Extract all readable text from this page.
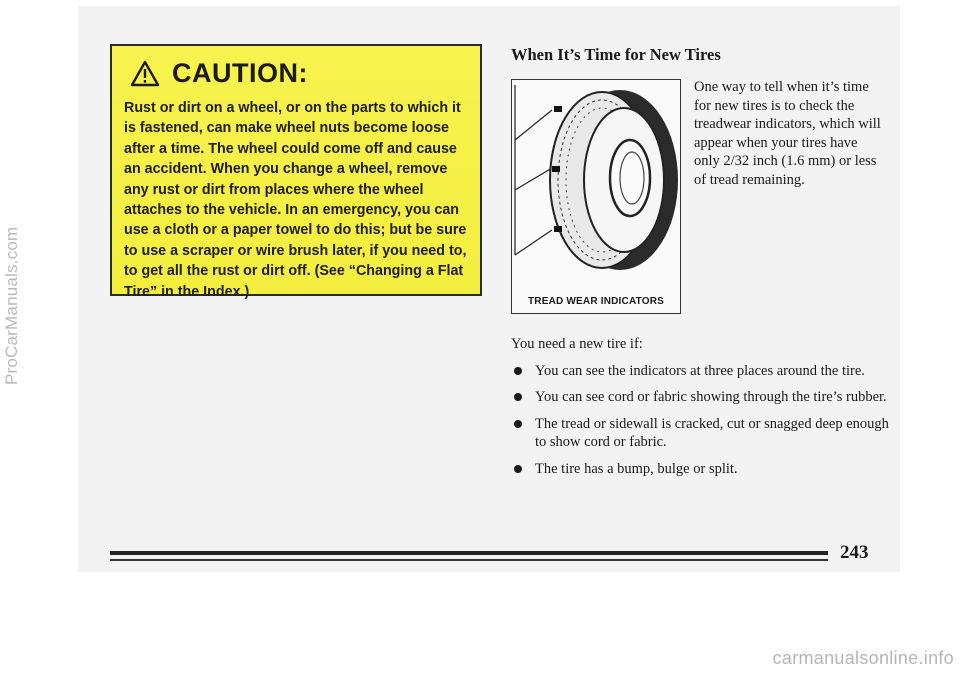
ProCarManuals.com
CAUTION:
Rust or dirt on a wheel, or on the parts to which it is fastened, can make wheel nuts become loose after a time. The wheel could come off and cause an accident. When you change a wheel, remove any rust or dirt from places where the wheel attaches to the vehicle. In an emergency, you can use a cloth or a paper towel to do this; but be sure to use a scraper or wire brush later, if you need to, to get all the rust or dirt off. (See “Changing a Flat Tire” in the Index.)
When It’s Time for New Tires
TREAD WEAR INDICATORS
One way to tell when it’s time for new tires is to check the treadwear indicators, which will appear when your tires have only 2/32 inch (1.6 mm) or less of tread remaining.
You need a new tire if:
You can see the indicators at three places around the tire.
You can see cord or fabric showing through the tire’s rubber.
The tread or sidewall is cracked, cut or snagged deep enough to show cord or fabric.
The tire has a bump, bulge or split.
243
carmanualsonline.info
